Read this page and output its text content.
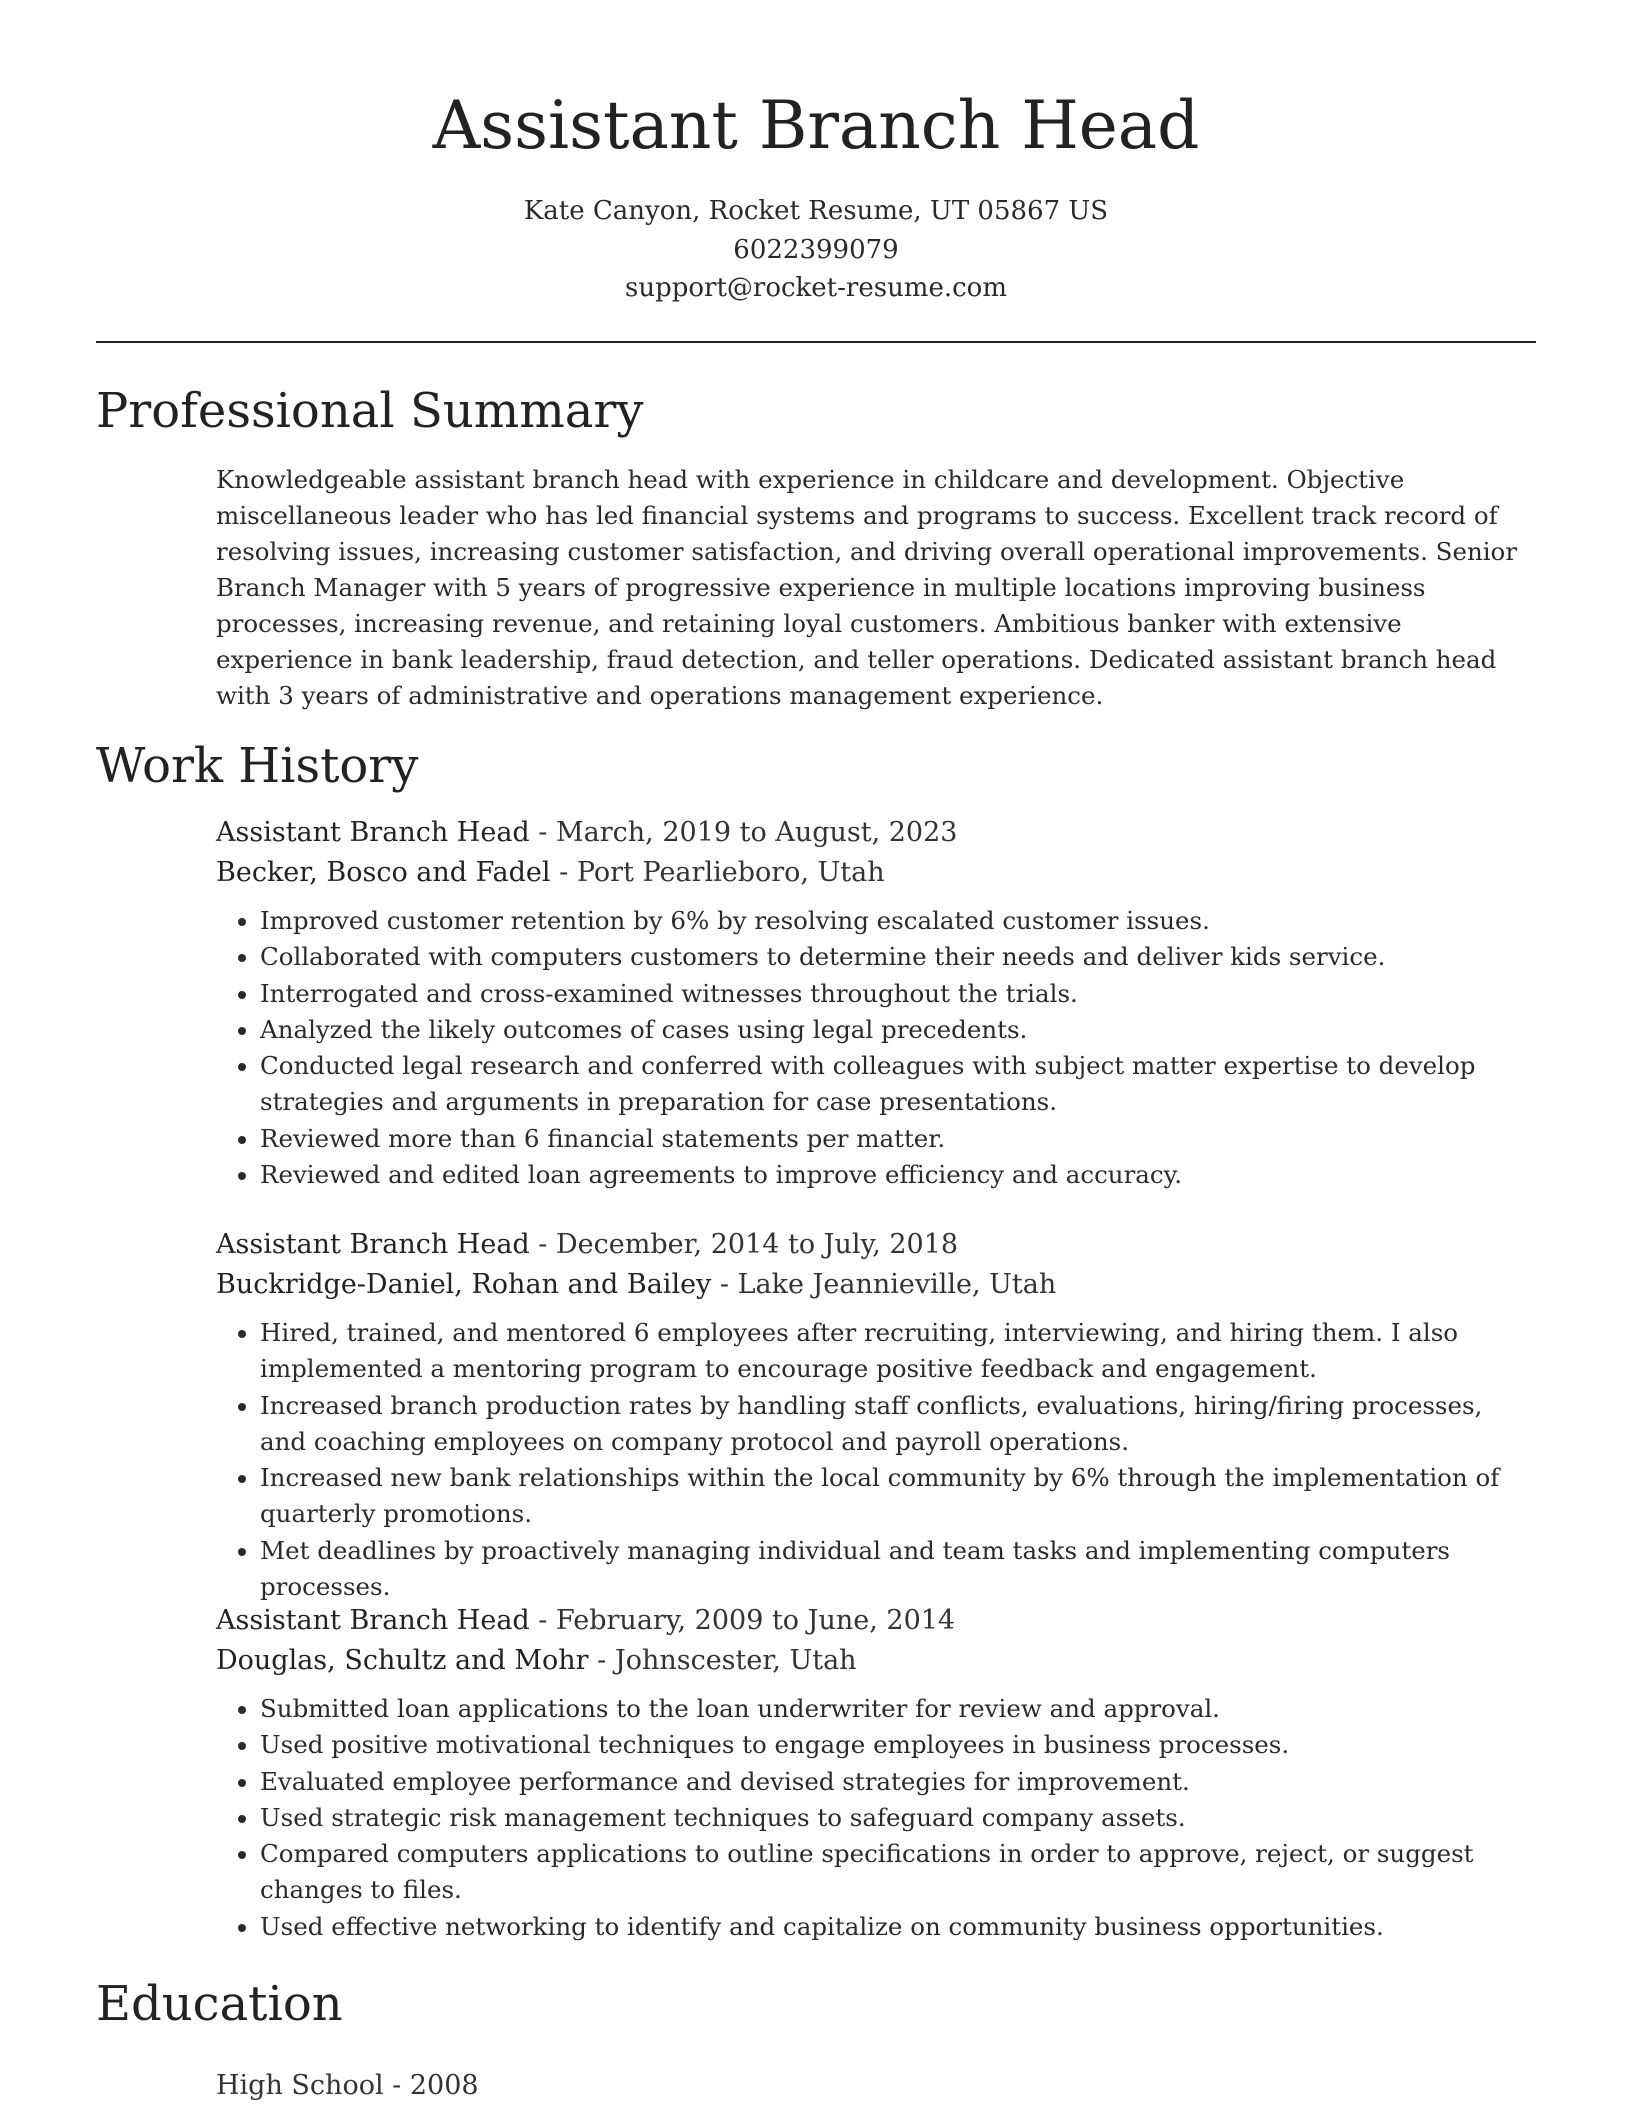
Assistant Branch Head
Kate Canyon, Rocket Resume, UT 05867 US
6022399079
support@rocket-resume.com
Professional Summary

Knowledgeable assistant branch head with experience in childcare and development. Objective miscellaneous leader who has led financial systems and programs to success. Excellent track record of resolving issues, increasing customer satisfaction, and driving overall operational improvements. Senior Branch Manager with 5 years of progressive experience in multiple locations improving business processes, increasing revenue, and retaining loyal customers. Ambitious banker with extensive experience in bank leadership, fraud detection, and teller operations. Dedicated assistant branch head with 3 years of administrative and operations management experience.

Work History
Assistant Branch Head - March, 2019 to August, 2023
Becker, Bosco and Fadel - Port Pearlieboro, Utah
• Improved customer retention by 6% by resolving escalated customer issues.
• Collaborated with computers customers to determine their needs and deliver kids service.
• Interrogated and cross-examined witnesses throughout the trials.
• Analyzed the likely outcomes of cases using legal precedents.
• Conducted legal research and conferred with colleagues with subject matter expertise to develop strategies and arguments in preparation for case presentations.
• Reviewed more than 6 financial statements per matter.
• Reviewed and edited loan agreements to improve efficiency and accuracy.
Assistant Branch Head - December, 2014 to July, 2018
Buckridge-Daniel, Rohan and Bailey - Lake Jeannieville, Utah
• Hired, trained, and mentored 6 employees after recruiting, interviewing, and hiring them. I also implemented a mentoring program to encourage positive feedback and engagement.
• Increased branch production rates by handling staff conflicts, evaluations, hiring/firing processes, and coaching employees on company protocol and payroll operations.
• Increased new bank relationships within the local community by 6% through the implementation of quarterly promotions.
• Met deadlines by proactively managing individual and team tasks and implementing computers processes.
Assistant Branch Head - February, 2009 to June, 2014
Douglas, Schultz and Mohr - Johnscester, Utah
• Submitted loan applications to the loan underwriter for review and approval.
• Used positive motivational techniques to engage employees in business processes.
• Evaluated employee performance and devised strategies for improvement.
• Used strategic risk management techniques to safeguard company assets.
• Compared computers applications to outline specifications in order to approve, reject, or suggest changes to files.
• Used effective networking to identify and capitalize on community business opportunities.
Education
High School - 2008
